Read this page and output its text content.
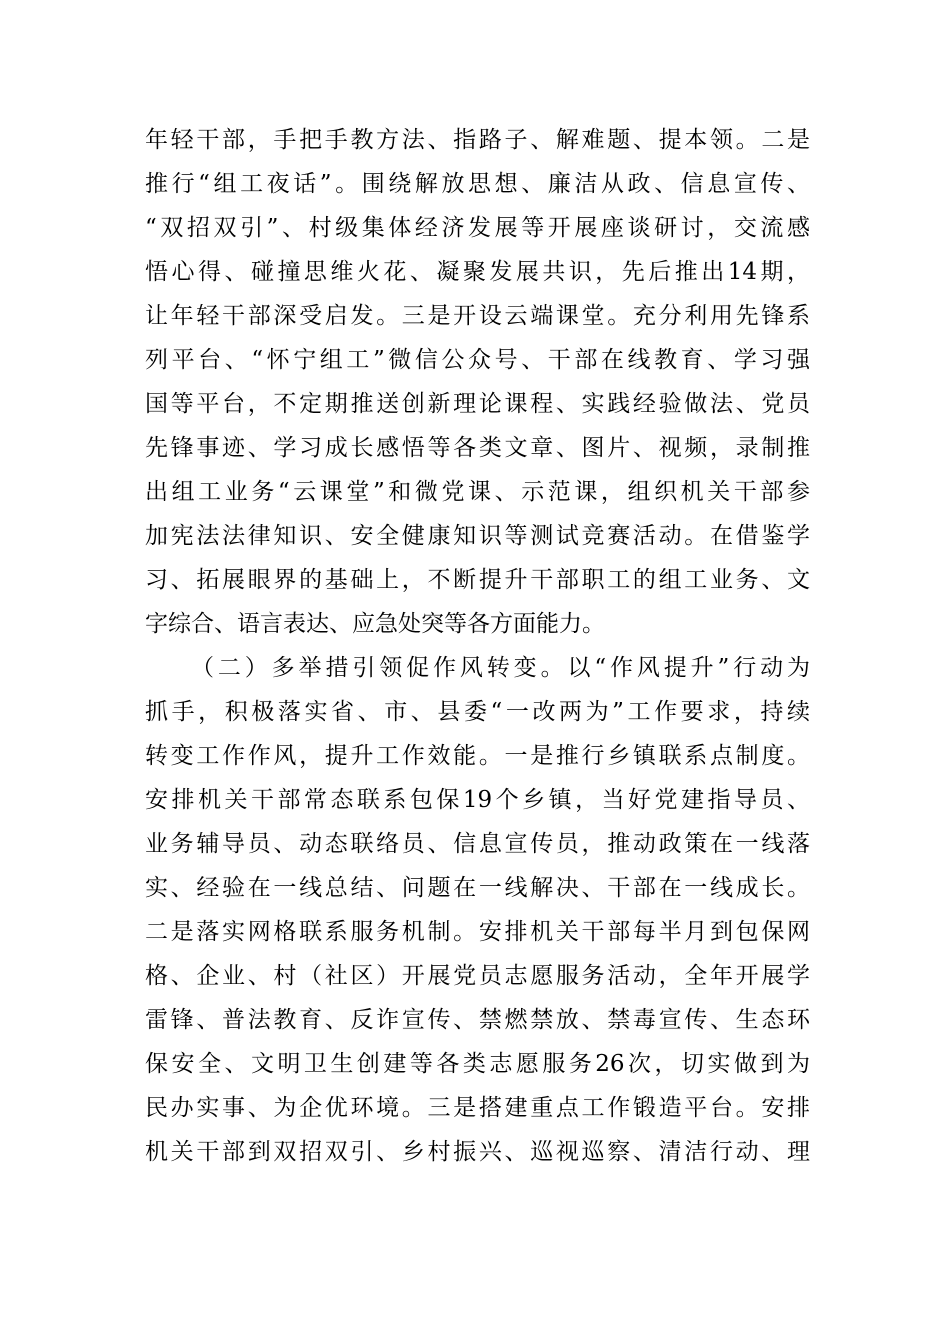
年轻干部，手把手教方法、指路子、解难题、提本领。二是
推行“组工夜话”。围绕解放思想、廉洁从政、信息宣传、
“双招双引”、村级集体经济发展等开展座谈研讨，交流感
悟心得、碰撞思维火花、凝聚发展共识，先后推出14期，
让年轻干部深受启发。三是开设云端课堂。充分利用先锋系
列平台、“怀宁组工”微信公众号、干部在线教育、学习强
国等平台，不定期推送创新理论课程、实践经验做法、党员
先锋事迹、学习成长感悟等各类文章、图片、视频，录制推
出组工业务“云课堂”和微党课、示范课，组织机关干部参
加宪法法律知识、安全健康知识等测试竞赛活动。在借鉴学
习、拓展眼界的基础上，不断提升干部职工的组工业务、文
字综合、语言表达、应急处突等各方面能力。
（二）多举措引领促作风转变。以“作风提升”行动为
抓手，积极落实省、市、县委“一改两为”工作要求，持续
转变工作作风，提升工作效能。一是推行乡镇联系点制度。
安排机关干部常态联系包保19个乡镇，当好党建指导员、
业务辅导员、动态联络员、信息宣传员，推动政策在一线落
实、经验在一线总结、问题在一线解决、干部在一线成长。
二是落实网格联系服务机制。安排机关干部每半月到包保网
格、企业、村（社区）开展党员志愿服务活动，全年开展学
雷锋、普法教育、反诈宣传、禁燃禁放、禁毒宣传、生态环
保安全、文明卫生创建等各类志愿服务26次，切实做到为
民办实事、为企优环境。三是搭建重点工作锻造平台。安排
机关干部到双招双引、乡村振兴、巡视巡察、清洁行动、理
